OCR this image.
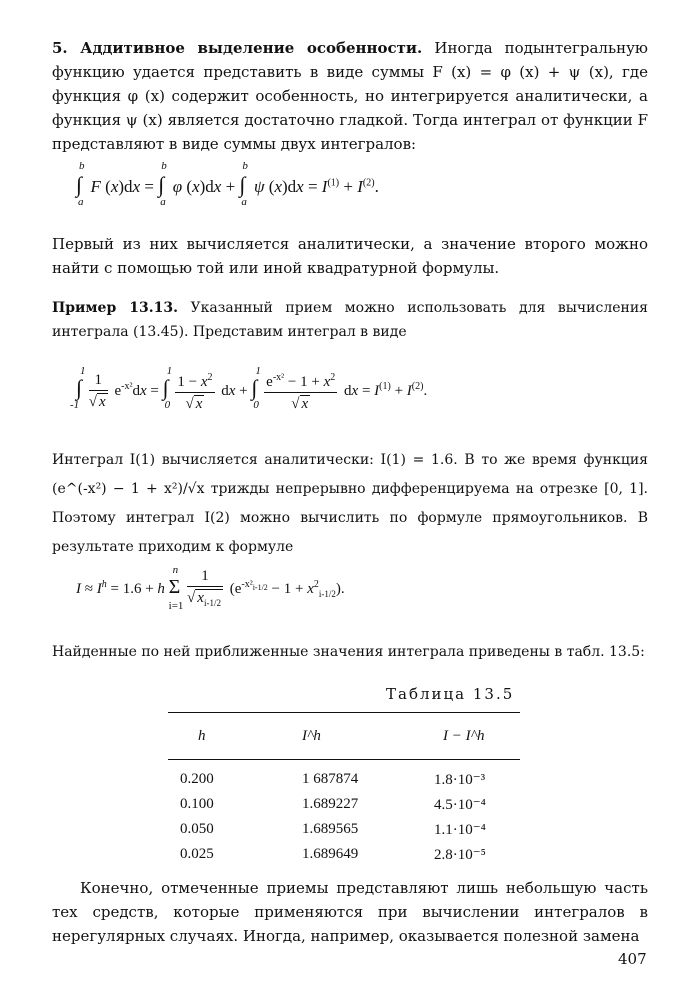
5. Аддитивное выделение особенности. Иногда подынтегральную функцию удается представить в виде суммы F (x) = φ (x) + ψ (x), где функция φ (x) содержит особенность, но интегрируется аналитически, а функция ψ (x) является достаточно гладкой. Тогда интеграл от функции F представляют в виде суммы двух интегралов:
∫
b
a
F (x)dx = ∫
b
a
φ (x)dx + ∫
b
a
ψ $(x)dx = I^{(1)} + I^{(2)}$.
Первый из них вычисляется аналитически, а значение второго можно найти с помощью той или иной квадратурной формулы.
Пример 13.13. Указанный прием можно использовать для вычисления интеграла (13.45). Представим интеграл в виде
∫
1
-1
$\frac{1}{√ x} e^{-x^2}dx$ = ∫
1
0
$\frac{1 - x^2}{√ x}$ dx + ∫
1
0
$\frac{e^{-x^2} - 1 + x^2}{√ x}$ dx = $I^{(1)} + I^{(2)}$.
Интеграл I(1) вычисляется аналитически: I(1) = 1.6. В то же время функция (e^(-x²) − 1 + x²)/√x трижды непрерывно дифференцируема на отрезке [0, 1]. Поэтому интеграл I(2) можно вычислить по формуле прямоугольников. В результате приходим к формуле
$I \approx I^h = 1.6 + h$ Σ
n
i=1
$\frac{1}{√ x_{i-1/2}} (e^{-x^2_{i-1/2}} - 1 + x^2_{i-1/2})$.
Найденные по ней приближенные значения интеграла приведены в табл. 13.5:
Таблица 13.5
h	I^h	I − I^h
0.200	1 687874	1.8·10⁻³
0.100	1.689227	4.5·10⁻⁴
0.050	1.689565	1.1·10⁻⁴
0.025	1.689649	2.8·10⁻⁵
Конечно, отмеченные приемы представляют лишь небольшую часть тех средств, которые применяются при вычислении интегралов в нерегулярных случаях. Иногда, например, оказывается полезной замена
407
